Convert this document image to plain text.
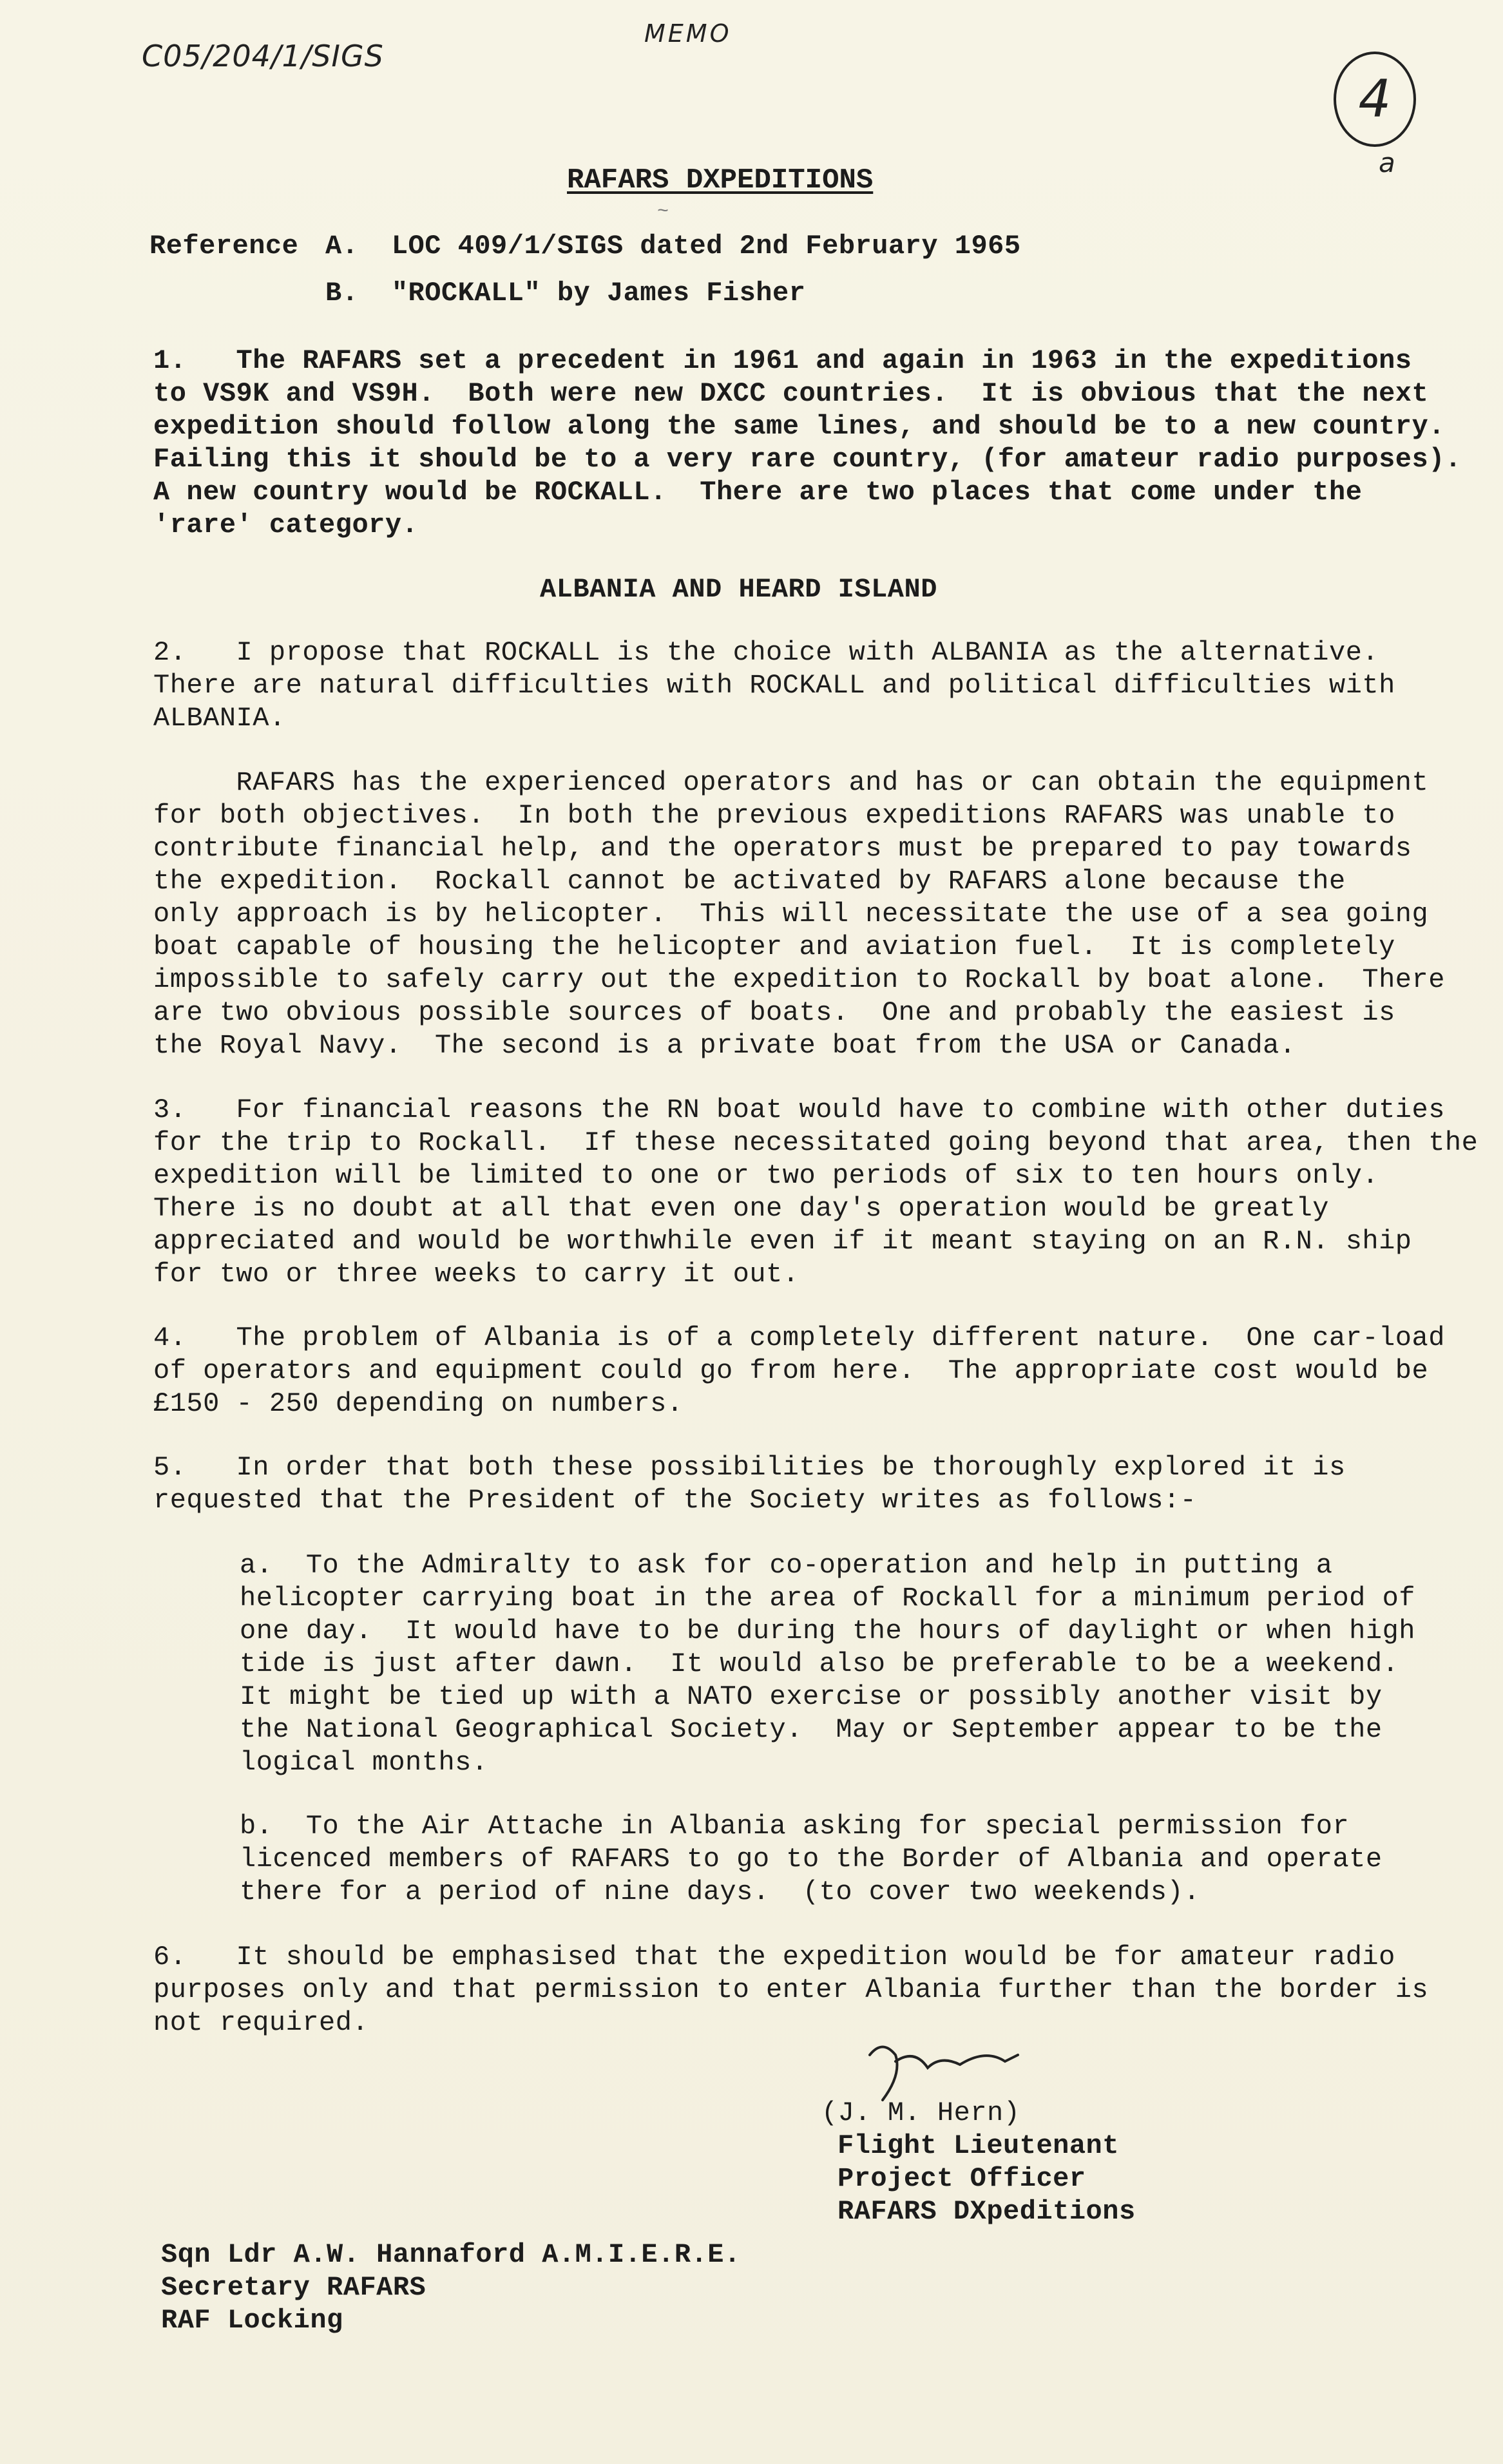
C05/204/1/SIGS
MEMO
4
a
RAFARS DXPEDITIONS
~
Reference A.  LOC 409/1/SIGS dated 2nd February 1965
B.  "ROCKALL" by James Fisher
1.   The RAFARS set a precedent in 1961 and again in 1963 in the expeditions
to VS9K and VS9H.  Both were new DXCC countries.  It is obvious that the next
expedition should follow along the same lines, and should be to a new country.
Failing this it should be to a very rare country, (for amateur radio purposes).
A new country would be ROCKALL.  There are two places that come under the
'rare' category.
ALBANIA AND HEARD ISLAND
2.   I propose that ROCKALL is the choice with ALBANIA as the alternative.
There are natural difficulties with ROCKALL and political difficulties with
ALBANIA.
RAFARS has the experienced operators and has or can obtain the equipment
for both objectives.  In both the previous expeditions RAFARS was unable to
contribute financial help, and the operators must be prepared to pay towards
the expedition.  Rockall cannot be activated by RAFARS alone because the
only approach is by helicopter.  This will necessitate the use of a sea going
boat capable of housing the helicopter and aviation fuel.  It is completely
impossible to safely carry out the expedition to Rockall by boat alone.  There
are two obvious possible sources of boats.  One and probably the easiest is
the Royal Navy.  The second is a private boat from the USA or Canada.
3.   For financial reasons the RN boat would have to combine with other duties
for the trip to Rockall.  If these necessitated going beyond that area, then the
expedition will be limited to one or two periods of six to ten hours only.
There is no doubt at all that even one day's operation would be greatly
appreciated and would be worthwhile even if it meant staying on an R.N. ship
for two or three weeks to carry it out.
4.   The problem of Albania is of a completely different nature.  One car-load
of operators and equipment could go from here.  The appropriate cost would be
£150 - 250 depending on numbers.
5.   In order that both these possibilities be thoroughly explored it is
requested that the President of the Society writes as follows:-
a.  To the Admiralty to ask for co-operation and help in putting a
helicopter carrying boat in the area of Rockall for a minimum period of
one day.  It would have to be during the hours of daylight or when high
tide is just after dawn.  It would also be preferable to be a weekend.
It might be tied up with a NATO exercise or possibly another visit by
the National Geographical Society.  May or September appear to be the
logical months.
b.  To the Air Attache in Albania asking for special permission for
licenced members of RAFARS to go to the Border of Albania and operate
there for a period of nine days.  (to cover two weekends).
6.   It should be emphasised that the expedition would be for amateur radio
purposes only and that permission to enter Albania further than the border is
not required.
(J. M. Hern)
Flight Lieutenant
Project Officer
RAFARS DXpeditions
Sqn Ldr A.W. Hannaford A.M.I.E.R.E.
Secretary RAFARS
RAF Locking
